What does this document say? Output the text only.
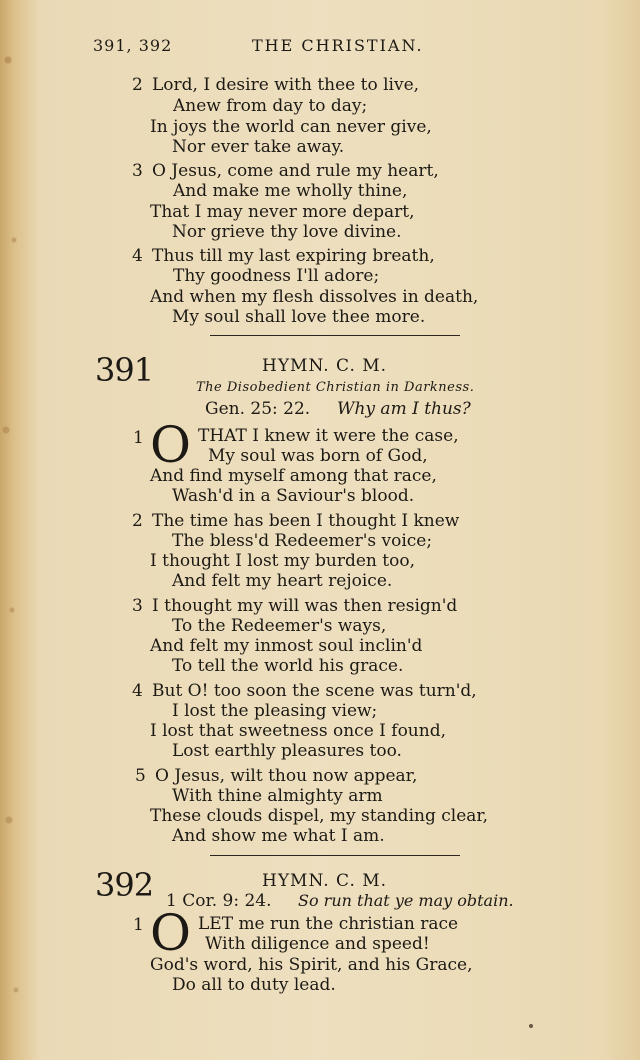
391, 392	THE CHRISTIAN.
2 Lord, I desire with thee to live,
Anew from day to day;
In joys the world can never give,
Nor ever take away.
3 O Jesus, come and rule my heart,
And make me wholly thine,
That I may never more depart,
Nor grieve thy love divine.
4 Thus till my last expiring breath,
Thy goodness I'll adore;
And when my flesh dissolves in death,
My soul shall love thee more.
391	HYMN. C. M.
The Disobedient Christian in Darkness.
Gen. 25: 22. Why am I thus?
1 O THAT I knew it were the case,
My soul was born of God,
And find myself among that race,
Wash'd in a Saviour's blood.
2 The time has been I thought I knew
The bless'd Redeemer's voice;
I thought I lost my burden too,
And felt my heart rejoice.
3 I thought my will was then resign'd
To the Redeemer's ways,
And felt my inmost soul inclin'd
To tell the world his grace.
4 But O! too soon the scene was turn'd,
I lost the pleasing view;
I lost that sweetness once I found,
Lost earthly pleasures too.
5 O Jesus, wilt thou now appear,
With thine almighty arm
These clouds dispel, my standing clear,
And show me what I am.
392	HYMN. C. M.
1 Cor. 9: 24. So run that ye may obtain.
1 O LET me run the christian race
With diligence and speed!
God's word, his Spirit, and his Grace,
Do all to duty lead.
